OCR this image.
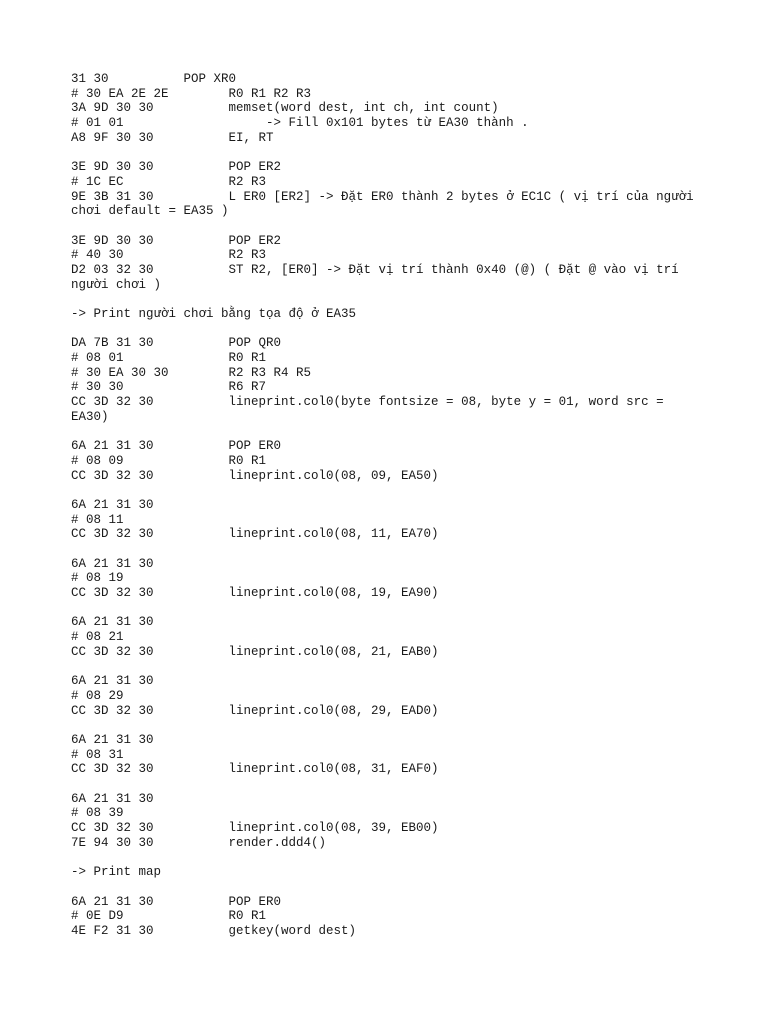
31 30          POP XR0
# 30 EA 2E 2E        R0 R1 R2 R3
3A 9D 30 30          memset(word dest, int ch, int count)
# 01 01                   -> Fill 0x101 bytes từ EA30 thành .
A8 9F 30 30          EI, RT
3E 9D 30 30          POP ER2
# 1C EC              R2 R3
9E 3B 31 30          L ER0 [ER2] -> Đặt ER0 thành 2 bytes ở EC1C ( vị trí của người
chơi default = EA35 )
3E 9D 30 30          POP ER2
# 40 30              R2 R3
D2 03 32 30          ST R2, [ER0] -> Đặt vị trí thành 0x40 (@) ( Đặt @ vào vị trí
người chơi )
-> Print người chơi bằng tọa độ ở EA35
DA 7B 31 30          POP QR0
# 08 01              R0 R1
# 30 EA 30 30        R2 R3 R4 R5
# 30 30              R6 R7
CC 3D 32 30          lineprint.col0(byte fontsize = 08, byte y = 01, word src =
EA30)
6A 21 31 30          POP ER0
# 08 09              R0 R1
CC 3D 32 30          lineprint.col0(08, 09, EA50)
6A 21 31 30
# 08 11
CC 3D 32 30          lineprint.col0(08, 11, EA70)
6A 21 31 30
# 08 19
CC 3D 32 30          lineprint.col0(08, 19, EA90)
6A 21 31 30
# 08 21
CC 3D 32 30          lineprint.col0(08, 21, EAB0)
6A 21 31 30
# 08 29
CC 3D 32 30          lineprint.col0(08, 29, EAD0)
6A 21 31 30
# 08 31
CC 3D 32 30          lineprint.col0(08, 31, EAF0)
6A 21 31 30
# 08 39
CC 3D 32 30          lineprint.col0(08, 39, EB00)
7E 94 30 30          render.ddd4()
-> Print map
6A 21 31 30          POP ER0
# 0E D9              R0 R1
4E F2 31 30          getkey(word dest)
